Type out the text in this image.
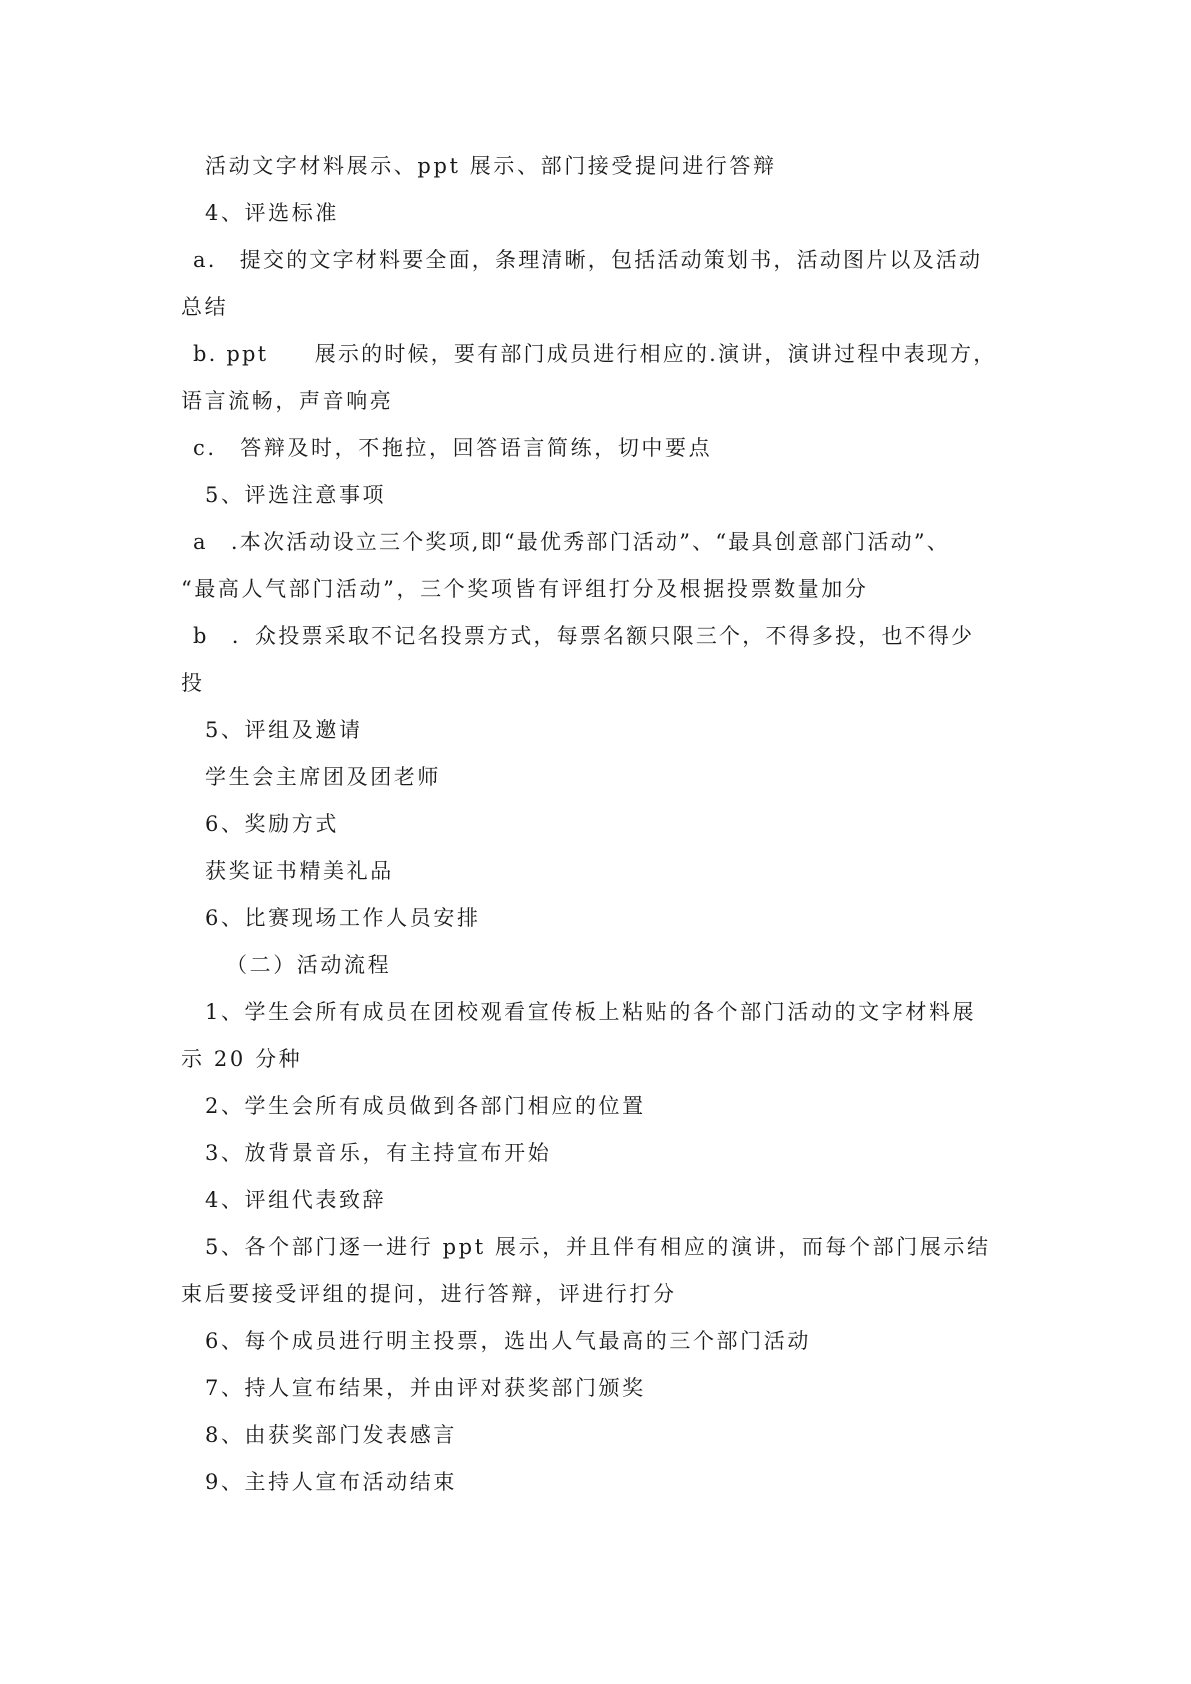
活动文字材料展示、ppt 展示、部门接受提问进行答辩
4、评选标准
a.　提交的文字材料要全面，条理清晰，包括活动策划书，活动图片以及活动
总结
b. ppt　　展示的时候，要有部门成员进行相应的.演讲，演讲过程中表现方，
语言流畅，声音响亮
c.　答辩及时，不拖拉，回答语言简练，切中要点
5、评选注意事项
a　.本次活动设立三个奖项,即“最优秀部门活动”、“最具创意部门活动”、
“最高人气部门活动”，三个奖项皆有评组打分及根据投票数量加分
b　．众投票采取不记名投票方式，每票名额只限三个，不得多投，也不得少
投
5、评组及邀请
学生会主席团及团老师
6、奖励方式
获奖证书精美礼品
6、比赛现场工作人员安排
（二）活动流程
1、学生会所有成员在团校观看宣传板上粘贴的各个部门活动的文字材料展
示 20 分种
2、学生会所有成员做到各部门相应的位置
3、放背景音乐，有主持宣布开始
4、评组代表致辞
5、各个部门逐一进行 ppt 展示，并且伴有相应的演讲，而每个部门展示结
束后要接受评组的提问，进行答辩，评进行打分
6、每个成员进行明主投票，选出人气最高的三个部门活动
7、持人宣布结果，并由评对获奖部门颁奖
8、由获奖部门发表感言
9、主持人宣布活动结束
